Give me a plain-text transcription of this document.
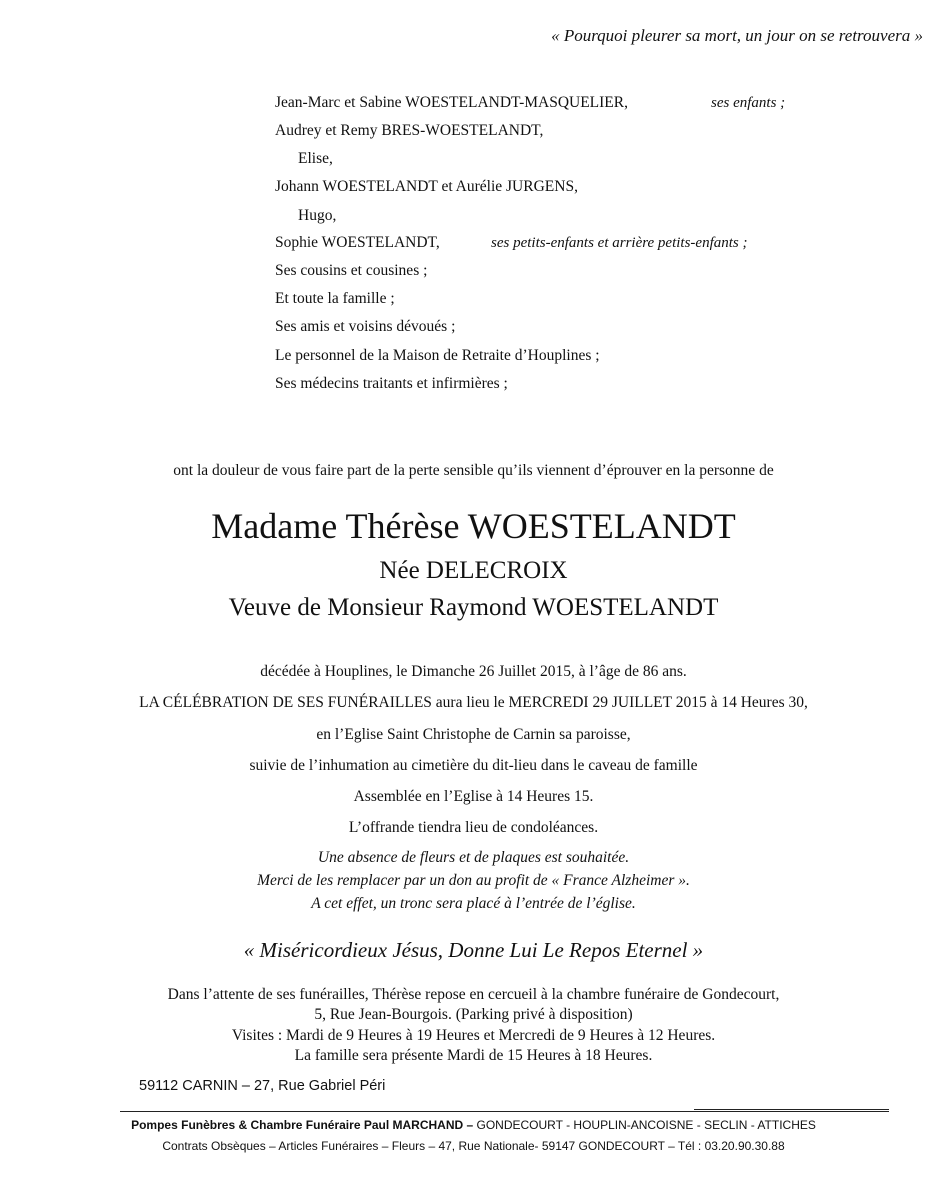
« Pourquoi pleurer sa mort, un jour on se retrouvera »
Jean-Marc et Sabine WOESTELANDT-MASQUELIER,	ses enfants ;
Audrey et Remy BRES-WOESTELANDT,
Elise,
Johann WOESTELANDT et Aurélie JURGENS,
Hugo,
Sophie WOESTELANDT,	ses petits-enfants et arrière petits-enfants ;
Ses cousins et cousines ;
Et toute la famille ;
Ses amis et voisins dévoués ;
Le personnel de la Maison de Retraite d’Houplines ;
Ses médecins traitants et infirmières ;
ont la douleur de vous faire part de la perte sensible qu’ils viennent d’éprouver en la personne de
Madame Thérèse WOESTELANDT
Née DELECROIX
Veuve de Monsieur Raymond WOESTELANDT
décédée à Houplines, le Dimanche 26 Juillet 2015, à l’âge de 86 ans.
LA CÉLÉBRATION DE SES FUNÉRAILLES aura lieu le MERCREDI 29 JUILLET 2015 à 14 Heures 30,
en l’Eglise Saint Christophe de Carnin sa paroisse,
suivie de l’inhumation au cimetière du dit-lieu dans le caveau de famille
Assemblée en l’Eglise à 14 Heures 15.
L’offrande tiendra lieu de condoléances.
Une absence de fleurs et de plaques est souhaitée.
Merci de les remplacer par un don au profit de « France Alzheimer ».
A cet effet, un tronc sera placé à l’entrée de l’église.
« Miséricordieux Jésus, Donne Lui Le Repos Eternel »
Dans l’attente de ses funérailles, Thérèse repose en cercueil à la chambre funéraire de Gondecourt,
5, Rue Jean-Bourgois. (Parking privé à disposition)
Visites : Mardi de 9 Heures à 19 Heures et Mercredi de 9 Heures à 12 Heures.
La famille sera présente Mardi de 15 Heures à 18 Heures.
59112 CARNIN – 27, Rue Gabriel Péri
Pompes Funèbres & Chambre Funéraire Paul MARCHAND – GONDECOURT - HOUPLIN-ANCOISNE - SECLIN - ATTICHES
Contrats Obsèques – Articles Funéraires – Fleurs – 47, Rue Nationale- 59147 GONDECOURT – Tél : 03.20.90.30.88
